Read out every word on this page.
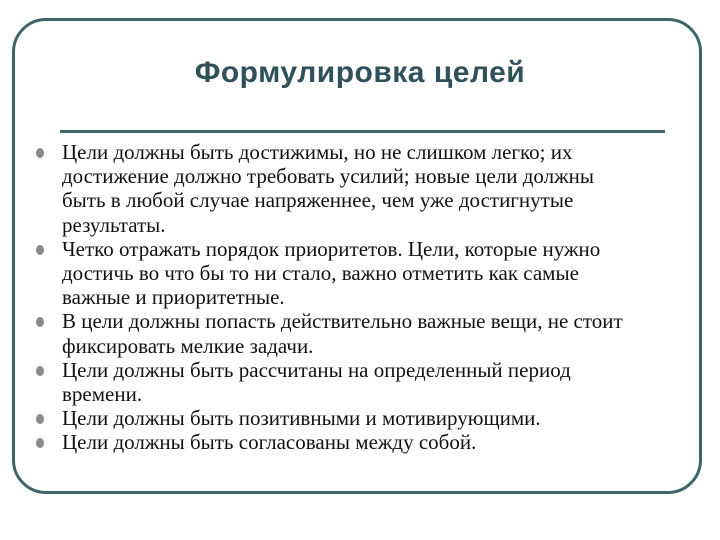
Формулировка целей
Цели должны быть достижимы, но не слишком легко; их
достижение должно требовать усилий; новые цели должны
быть в любой случае напряженнее, чем уже достигнутые
результаты.
Четко отражать порядок приоритетов. Цели, которые нужно
достичь во что бы то ни стало, важно отметить как самые
важные и приоритетные.
В цели должны попасть действительно важные вещи, не стоит
фиксировать мелкие задачи.
Цели должны быть рассчитаны на определенный период
времени.
Цели должны быть позитивными и мотивирующими.
Цели должны быть согласованы между собой.
